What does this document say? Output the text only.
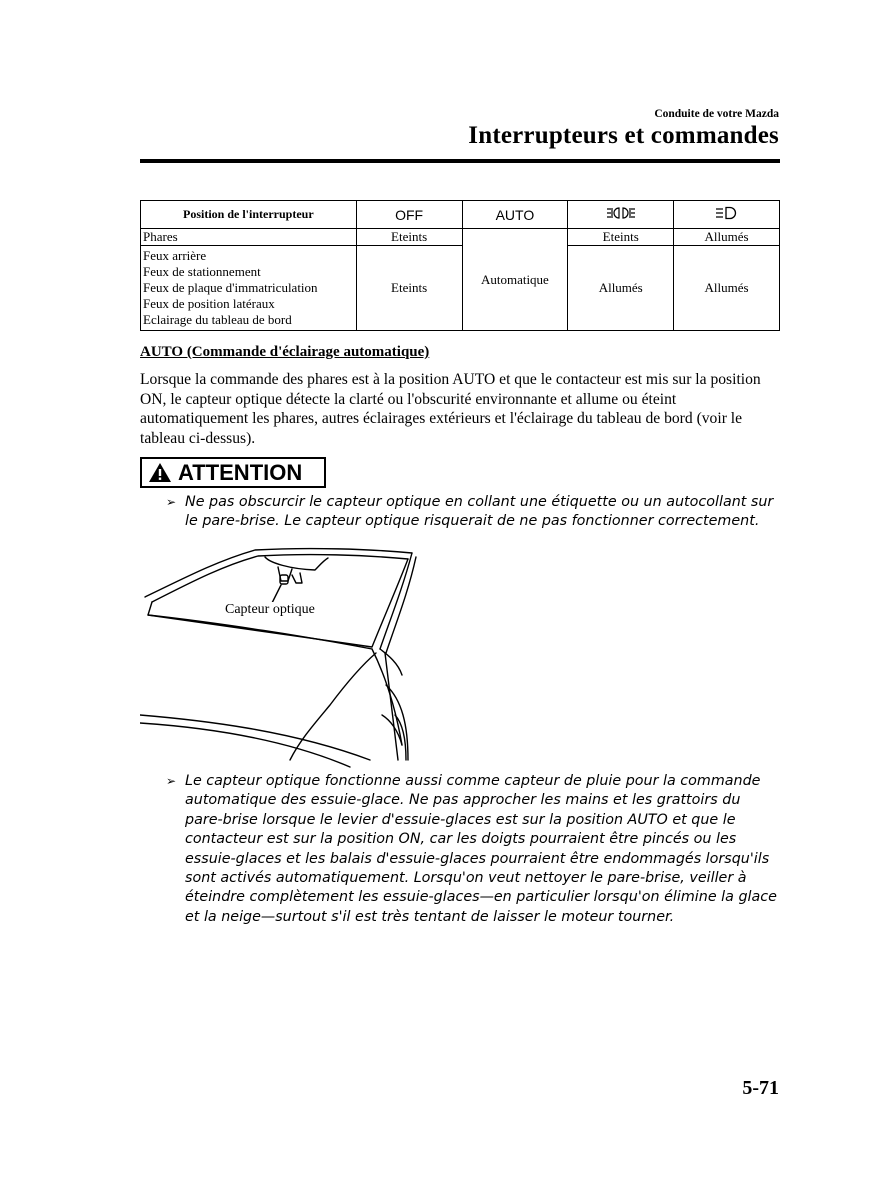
Conduite de votre Mazda
Interrupteurs et commandes
Position de l'interrupteur	OFF	AUTO		
Phares	Eteints	Automatique	Eteints	Allumés

Feux arrière
Feux de stationnement
Feux de plaque d'immatriculation
Feux de position latéraux
Eclairage du tableau de bord	Eteints		Allumés	Allumés
AUTO (Commande d'éclairage automatique)
Lorsque la commande des phares est à la position AUTO et que le contacteur est mis sur la position ON, le capteur optique détecte la clarté ou l'obscurité environnante et allume ou éteint automatiquement les phares, autres éclairages extérieurs et l'éclairage du tableau de bord (voir le tableau ci-dessus).
ATTENTION
➢ Ne pas obscurcir le capteur optique en collant une étiquette ou un autocollant sur le pare-brise. Le capteur optique risquerait de ne pas fonctionner correctement.
Capteur optique
➢ Le capteur optique fonctionne aussi comme capteur de pluie pour la commande automatique des essuie-glace. Ne pas approcher les mains et les grattoirs du pare-brise lorsque le levier d'essuie-glaces est sur la position AUTO et que le contacteur est sur la position ON, car les doigts pourraient être pincés ou les essuie-glaces et les balais d'essuie-glaces pourraient être endommagés lorsqu'ils sont activés automatiquement. Lorsqu'on veut nettoyer le pare-brise, veiller à éteindre complètement les essuie-glaces—en particulier lorsqu'on élimine la glace et la neige—surtout s'il est très tentant de laisser le moteur tourner.
5-71
